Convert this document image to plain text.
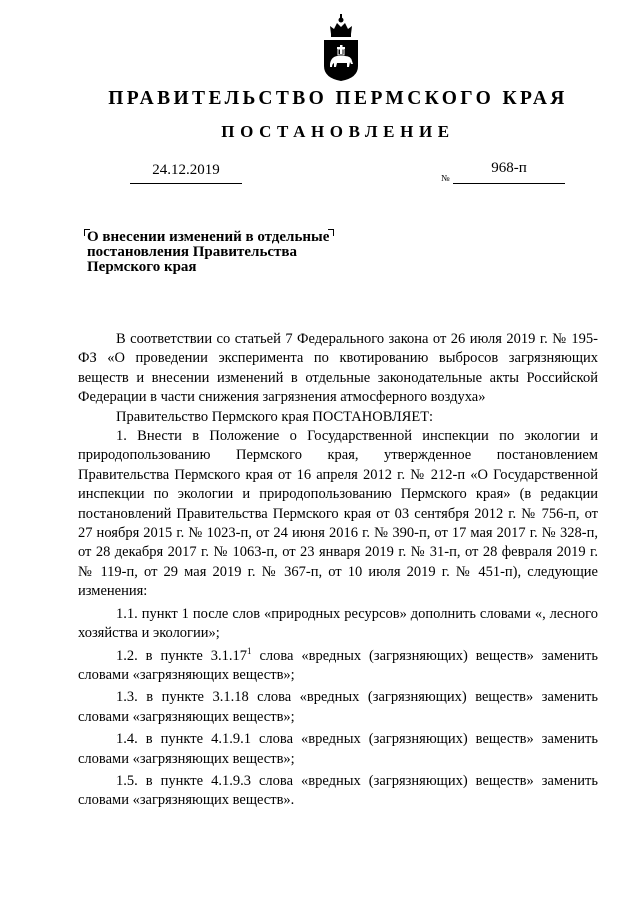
ПРАВИТЕЛЬСТВО ПЕРМСКОГО КРАЯ
ПОСТАНОВЛЕНИЕ
24.12.2019	№
968-п
О внесении изменений в отдельные постановления Правительства Пермского края

В соответствии со статьей 7 Федерального закона от 26 июля 2019 г. № 195-ФЗ «О проведении эксперимента по квотированию выбросов загрязняющих веществ и внесении изменений в отдельные законодательные акты Российской Федерации в части снижения загрязнения атмосферного воздуха»

Правительство Пермского края ПОСТАНОВЛЯЕТ:

1. Внести в Положение о Государственной инспекции по экологии и природопользованию Пермского края, утвержденное постановлением Правительства Пермского края от 16 апреля 2012 г. № 212-п «О Государственной инспекции по экологии и природопользованию Пермского края» (в редакции постановлений Правительства Пермского края от 03 сентября 2012 г. № 756-п, от 27 ноября 2015 г. № 1023-п, от 24 июня 2016 г. № 390-п, от 17 мая 2017 г. № 328-п, от 28 декабря 2017 г. № 1063-п, от 23 января 2019 г. № 31-п, от 28 февраля 2019 г. № 119-п, от 29 мая 2019 г. № 367-п, от 10 июля 2019 г. № 451-п), следующие изменения:

1.1. пункт 1 после слов «природных ресурсов» дополнить словами «, лесного хозяйства и экологии»;

1.2. в пункте 3.1.17$^1$ слова «вредных (загрязняющих) веществ» заменить словами «загрязняющих веществ»;

1.3. в пункте 3.1.18 слова «вредных (загрязняющих) веществ» заменить словами «загрязняющих веществ»;

1.4. в пункте 4.1.9.1 слова «вредных (загрязняющих) веществ» заменить словами «загрязняющих веществ»;

1.5. в пункте 4.1.9.3 слова «вредных (загрязняющих) веществ» заменить словами «загрязняющих веществ».
